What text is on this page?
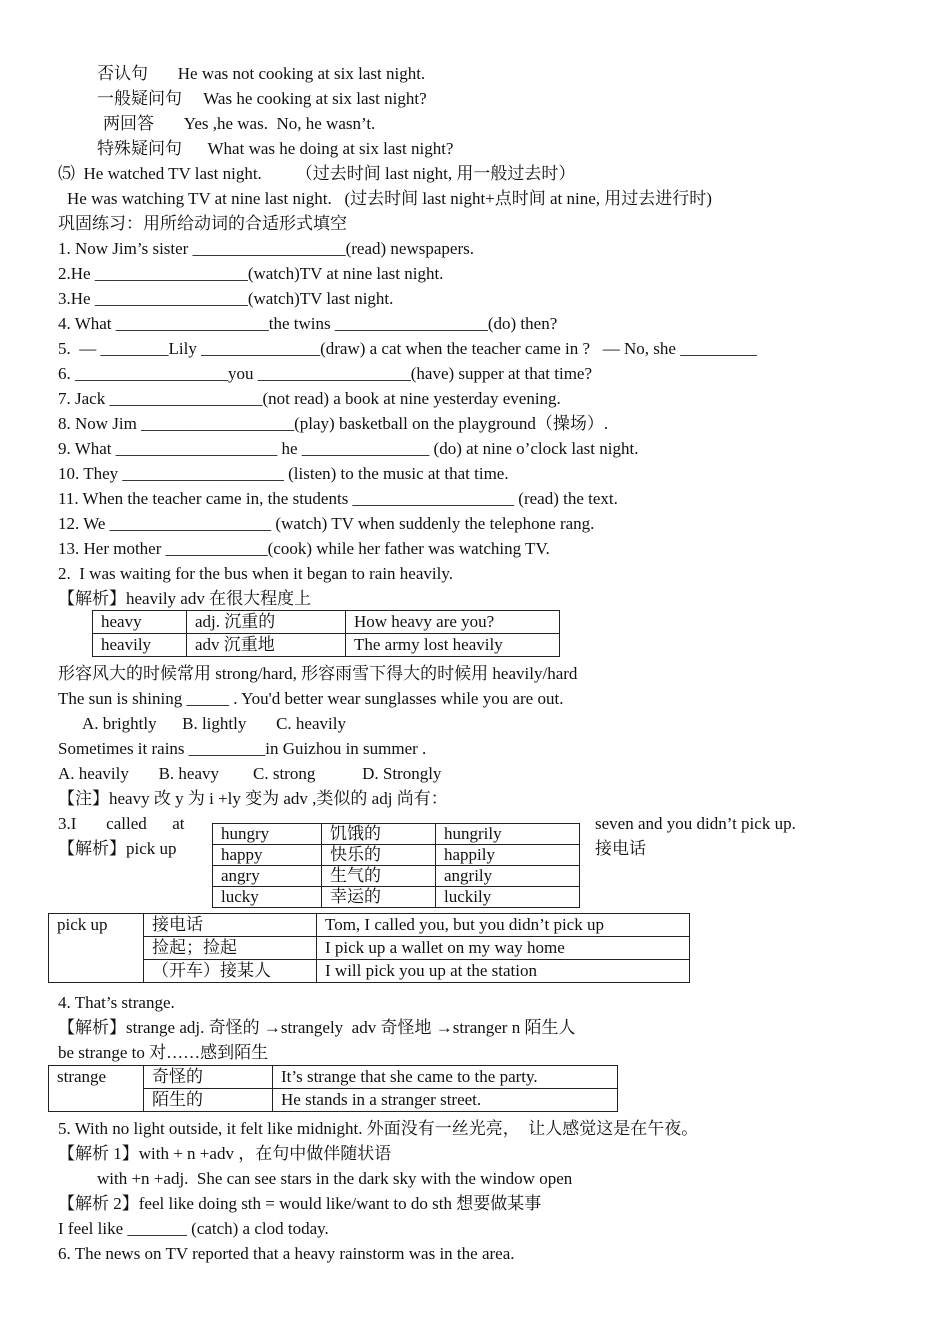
否认句       He was not cooking at six last night.
一般疑问句     Was he cooking at six last night?
两回答       Yes ,he was.  No, he wasn’t.
特殊疑问句      What was he doing at six last night?
⑸  He watched TV last night.        （过去时间 last night, 用一般过去时）
He was watching TV at nine last night.   (过去时间 last night+点时间 at nine, 用过去进行时)
巩固练习：用所给动词的合适形式填空
1. Now Jim’s sister __________________(read) newspapers.
2.He __________________(watch)TV at nine last night.
3.He __________________(watch)TV last night.
4. What __________________the twins __________________(do) then?
5.  — ________Lily ______________(draw) a cat when the teacher came in ?   — No, she _________
6. __________________you __________________(have) supper at that time?
7. Jack __________________(not read) a book at nine yesterday evening.
8. Now Jim __________________(play) basketball on the playground（操场）.
9. What ___________________ he _______________ (do) at nine o’clock last night.
10. They ___________________ (listen) to the music at that time.
11. When the teacher came in, the students ___________________ (read) the text.
12. We ___________________ (watch) TV when suddenly the telephone rang.
13. Her mother ____________(cook) while her father was watching TV.
2.  I was waiting for the bus when it began to rain heavily.
【解析】heavily adv 在很大程度上
heavy	adj. 沉重的	How heavy are you?
heavily	adv 沉重地	The army lost heavily
形容风大的时候常用 strong/hard, 形容雨雪下得大的时候用 heavily/hard
The sun is shining _____ . You'd better wear sunglasses while you are out.
A. brightly      B. lightly       C. heavily
Sometimes it rains _________in Guizhou in summer .
A. heavily       B. heavy        C. strong           D. Strongly
【注】heavy 改 y 为 i +ly 变为 adv ,类似的 adj 尚有：
3.I       called      at
【解析】pick up
seven and you didn’t pick up.
接电话
hungry	饥饿的	hungrily
happy	快乐的	happily
angry	生气的	angrily
lucky	幸运的	luckily
pick up	接电话	Tom, I called you, but you didn’t pick up
	捡起；捡起	I pick up a wallet on my way home
	（开车）接某人	I will pick you up at the station
4. That’s strange.
【解析】strange adj. 奇怪的 →strangely  adv 奇怪地 →stranger n 陌生人
be strange to 对……感到陌生
strange	奇怪的	It’s strange that she came to the party.
	陌生的	He stands in a stranger street.
5. With no light outside, it felt like midnight. 外面没有一丝光亮，  让人感觉这是在午夜。
【解析 1】with + n +adv ，在句中做伴随状语
with +n +adj.  She can see stars in the dark sky with the window open
【解析 2】feel like doing sth = would like/want to do sth 想要做某事
I feel like _______ (catch) a clod today.
6. The news on TV reported that a heavy rainstorm was in the area.
